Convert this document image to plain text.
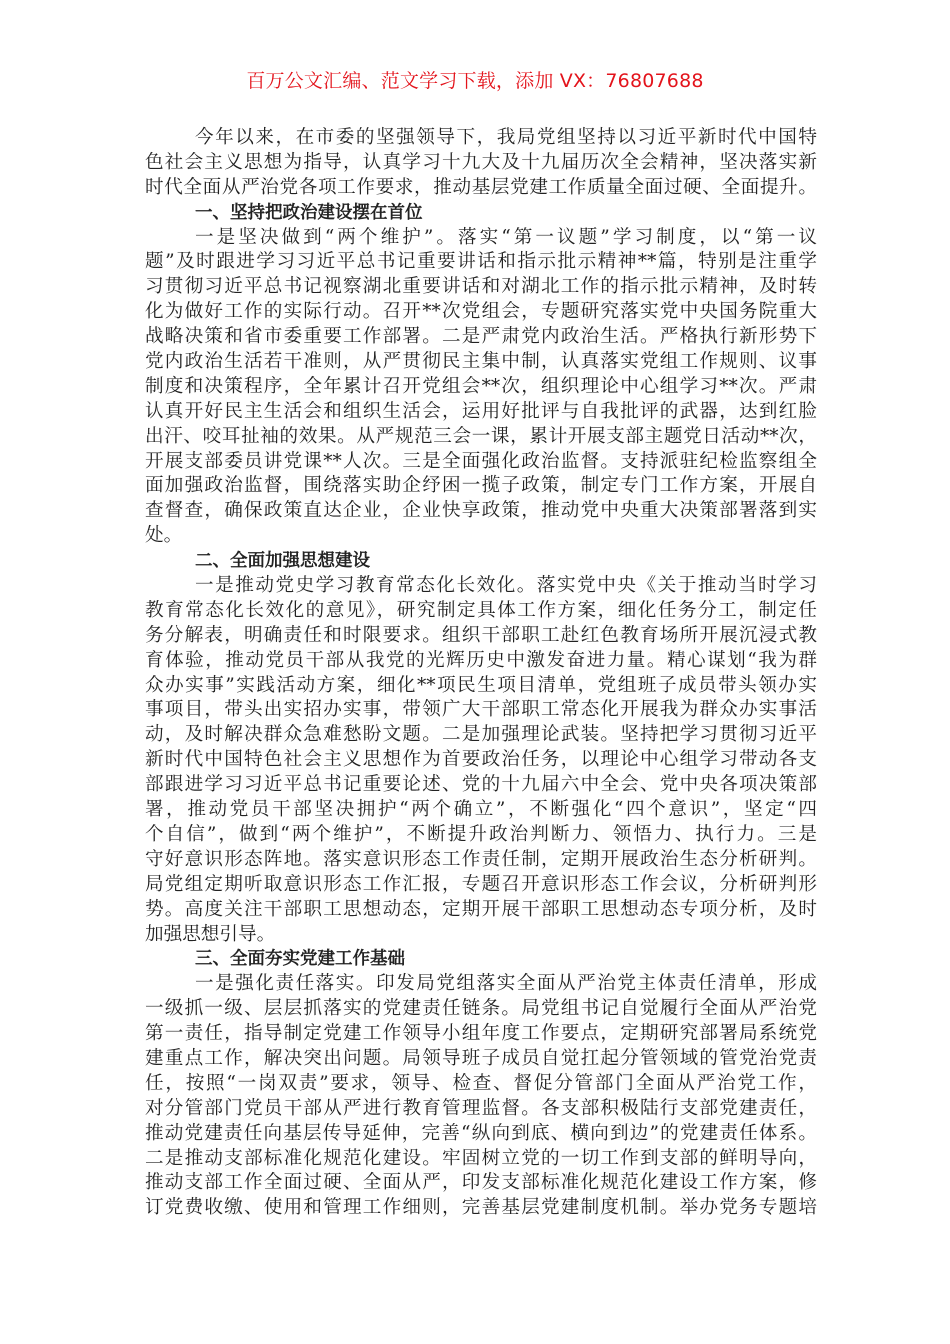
百万公文汇编、范文学习下载，添加 VX：76807688
今年以来，在市委的坚强领导下，我局党组坚持以习近平新时代中国特
色社会主义思想为指导，认真学习十九大及十九届历次全会精神，坚决落实新
时代全面从严治党各项工作要求，推动基层党建工作质量全面过硬、全面提升。
一、坚持把政治建设摆在首位
一是坚决做到“两个维护”。落实“第一议题”学习制度，以“第一议
题”及时跟进学习习近平总书记重要讲话和指示批示精神**篇，特别是注重学
习贯彻习近平总书记视察湖北重要讲话和对湖北工作的指示批示精神，及时转
化为做好工作的实际行动。召开**次党组会，专题研究落实党中央国务院重大
战略决策和省市委重要工作部署。二是严肃党内政治生活。严格执行新形势下
党内政治生活若干准则，从严贯彻民主集中制，认真落实党组工作规则、议事
制度和决策程序，全年累计召开党组会**次，组织理论中心组学习**次。严肃
认真开好民主生活会和组织生活会，运用好批评与自我批评的武器，达到红脸
出汗、咬耳扯袖的效果。从严规范三会一课，累计开展支部主题党日活动**次，
开展支部委员讲党课**人次。三是全面强化政治监督。支持派驻纪检监察组全
面加强政治监督，围绕落实助企纾困一揽子政策，制定专门工作方案，开展自
查督查，确保政策直达企业，企业快享政策，推动党中央重大决策部署落到实
处。
二、全面加强思想建设
一是推动党史学习教育常态化长效化。落实党中央《关于推动当时学习
教育常态化长效化的意见》，研究制定具体工作方案，细化任务分工，制定任
务分解表，明确责任和时限要求。组织干部职工赴红色教育场所开展沉浸式教
育体验，推动党员干部从我党的光辉历史中激发奋进力量。精心谋划“我为群
众办实事”实践活动方案，细化**项民生项目清单，党组班子成员带头领办实
事项目，带头出实招办实事，带领广大干部职工常态化开展我为群众办实事活
动，及时解决群众急难愁盼文题。二是加强理论武装。坚持把学习贯彻习近平
新时代中国特色社会主义思想作为首要政治任务，以理论中心组学习带动各支
部跟进学习习近平总书记重要论述、党的十九届六中全会、党中央各项决策部
署，推动党员干部坚决拥护“两个确立”，不断强化“四个意识”，坚定“四
个自信”，做到“两个维护”，不断提升政治判断力、领悟力、执行力。三是
守好意识形态阵地。落实意识形态工作责任制，定期开展政治生态分析研判。
局党组定期听取意识形态工作汇报，专题召开意识形态工作会议，分析研判形
势。高度关注干部职工思想动态，定期开展干部职工思想动态专项分析，及时
加强思想引导。
三、全面夯实党建工作基础
一是强化责任落实。印发局党组落实全面从严治党主体责任清单，形成
一级抓一级、层层抓落实的党建责任链条。局党组书记自觉履行全面从严治党
第一责任，指导制定党建工作领导小组年度工作要点，定期研究部署局系统党
建重点工作，解决突出问题。局领导班子成员自觉扛起分管领域的管党治党责
任，按照“一岗双责”要求，领导、检查、督促分管部门全面从严治党工作，
对分管部门党员干部从严进行教育管理监督。各支部积极陆行支部党建责任，
推动党建责任向基层传导延伸，完善“纵向到底、横向到边”的党建责任体系。
二是推动支部标准化规范化建设。牢固树立党的一切工作到支部的鲜明导向，
推动支部工作全面过硬、全面从严，印发支部标准化规范化建设工作方案，修
订党费收缴、使用和管理工作细则，完善基层党建制度机制。举办党务专题培
